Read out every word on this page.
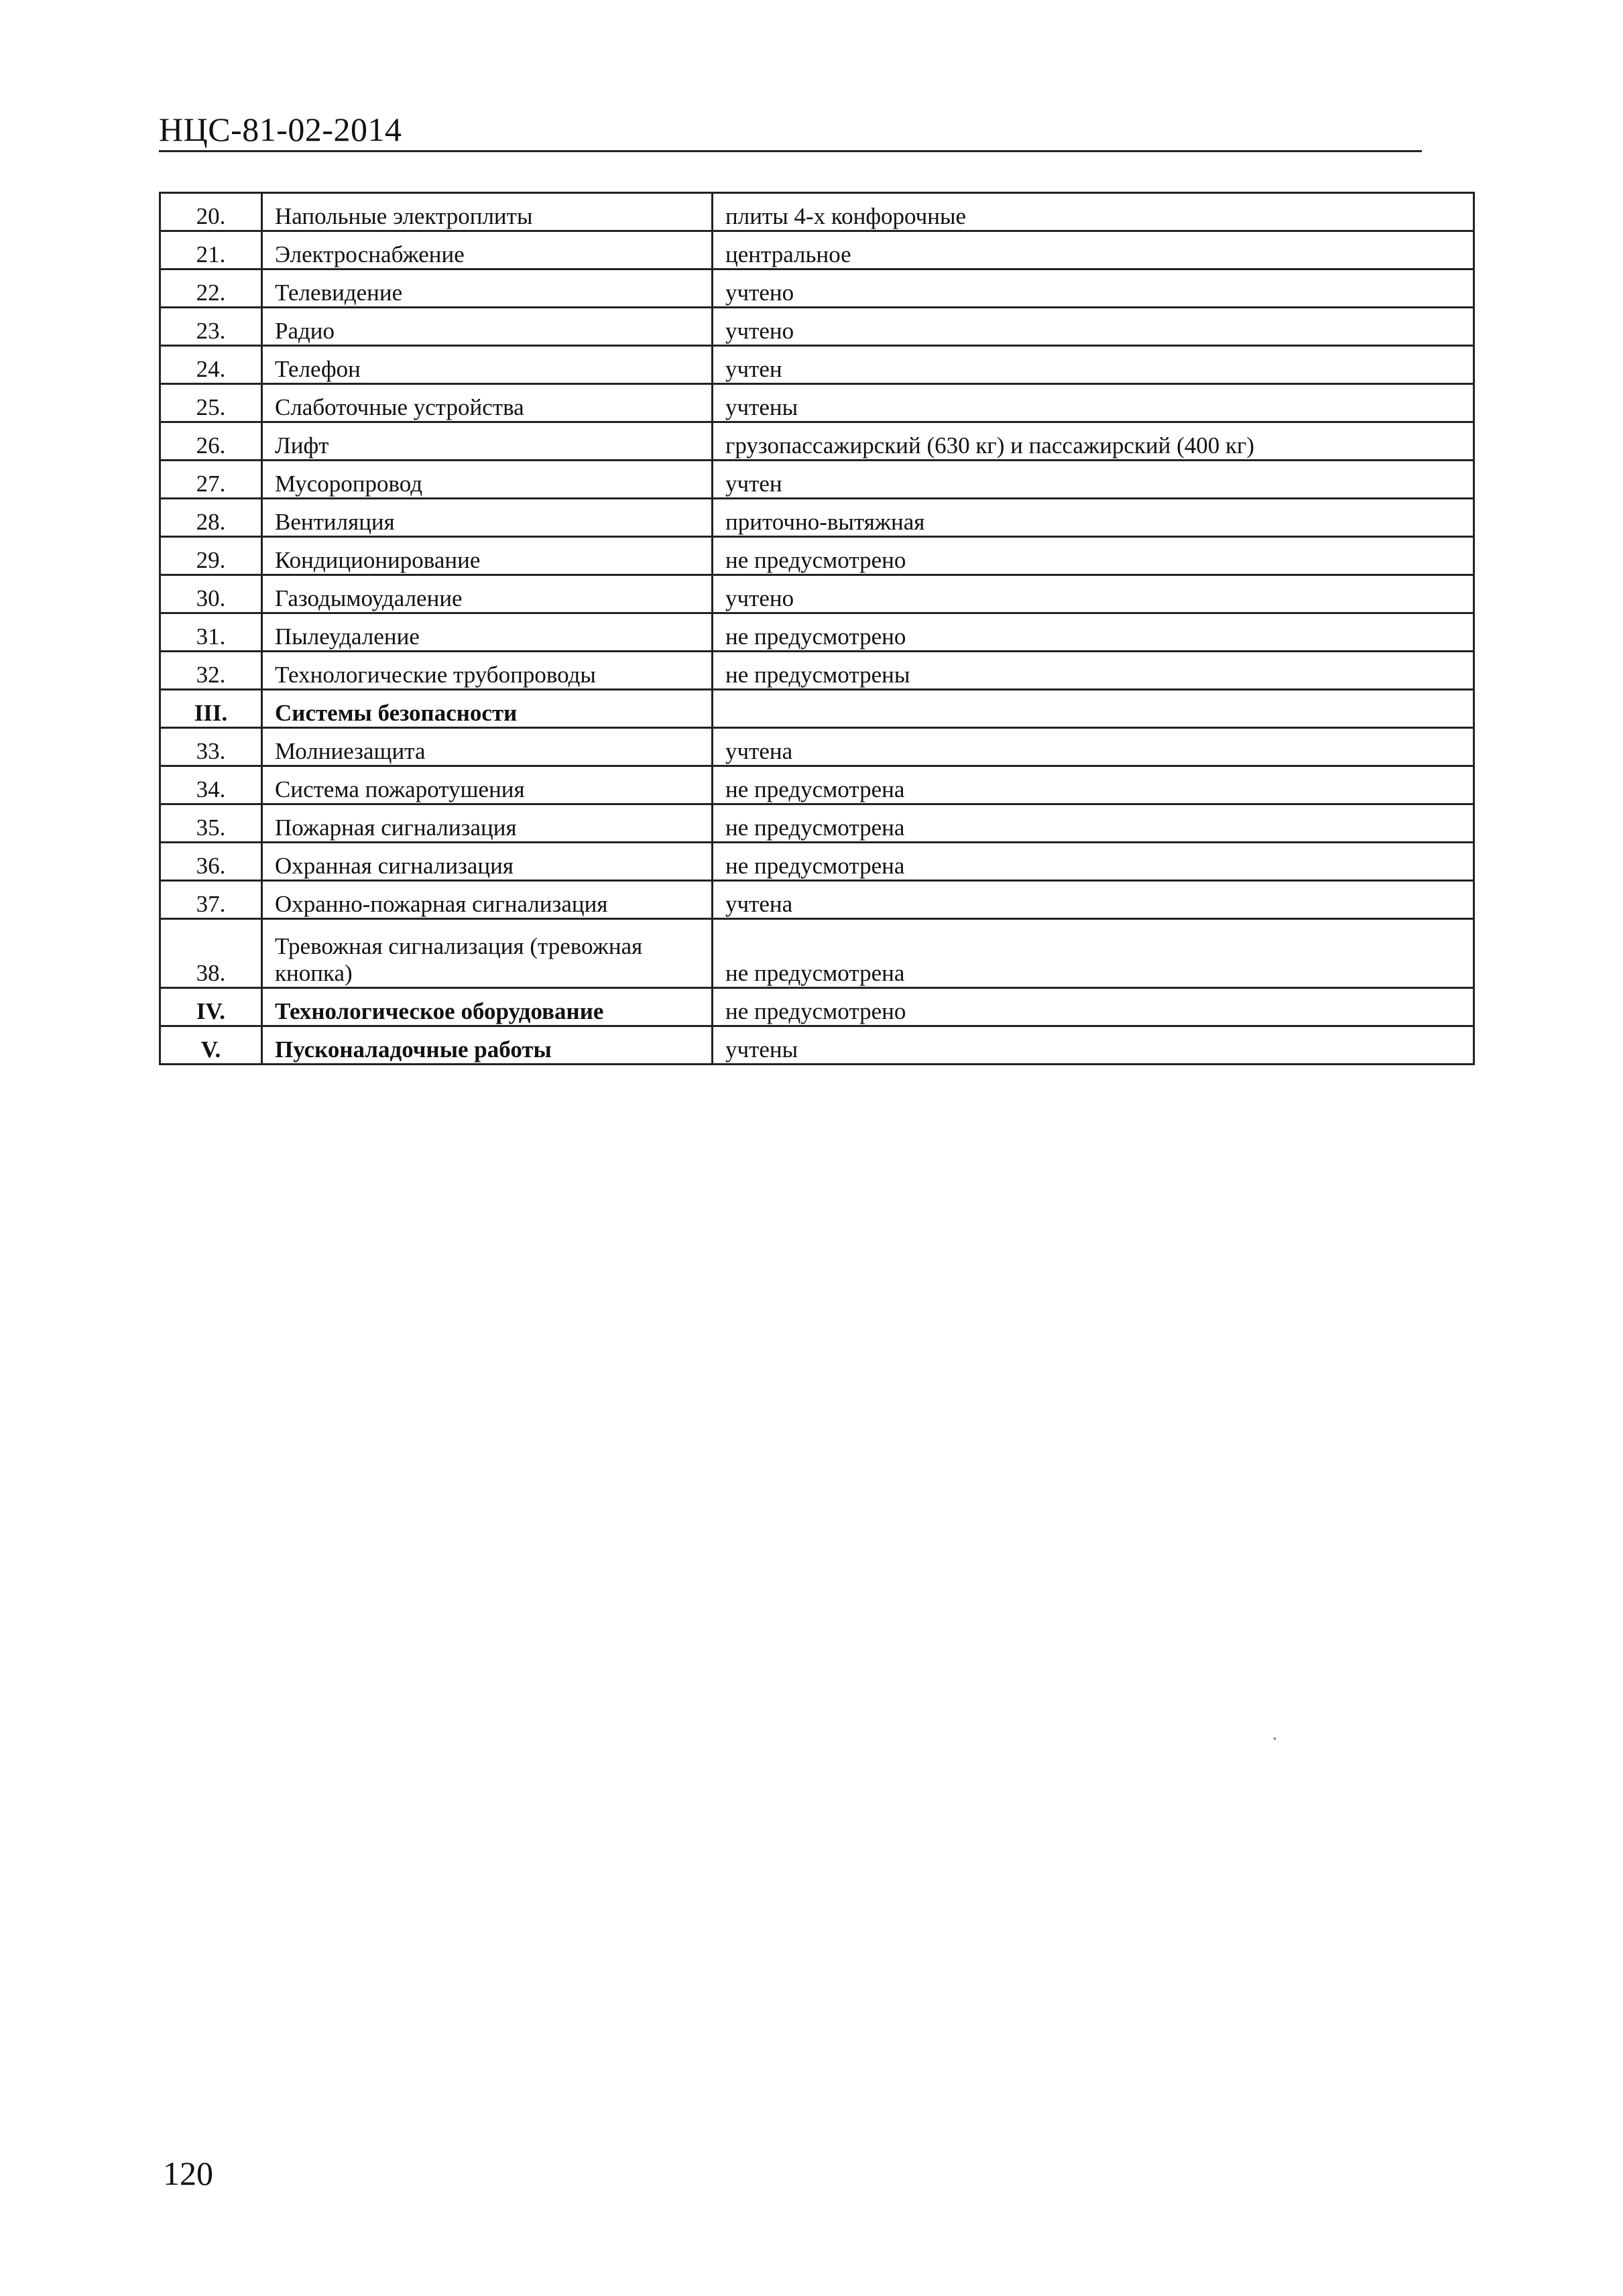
НЦС-81-02-2014
20.	Напольные электроплиты	плиты 4-х конфорочные
21.	Электроснабжение	центральное
22.	Телевидение	учтено
23.	Радио	учтено
24.	Телефон	учтен
25.	Слаботочные устройства	учтены
26.	Лифт	грузопассажирский (630 кг) и пассажирский (400 кг)
27.	Мусоропровод	учтен
28.	Вентиляция	приточно-вытяжная
29.	Кондиционирование	не предусмотрено
30.	Газодымоудаление	учтено
31.	Пылеудаление	не предусмотрено
32.	Технологические трубопроводы	не предусмотрены
III.	Системы безопасности	
33.	Молниезащита	учтена
34.	Система пожаротушения	не предусмотрена
35.	Пожарная сигнализация	не предусмотрена
36.	Охранная сигнализация	не предусмотрена
37.	Охранно-пожарная сигнализация	учтена
38.	Тревожная сигнализация (тревожная кнопка)	не предусмотрена
IV.	Технологическое оборудование	не предусмотрено
V.	Пусконаладочные работы	учтены
120
